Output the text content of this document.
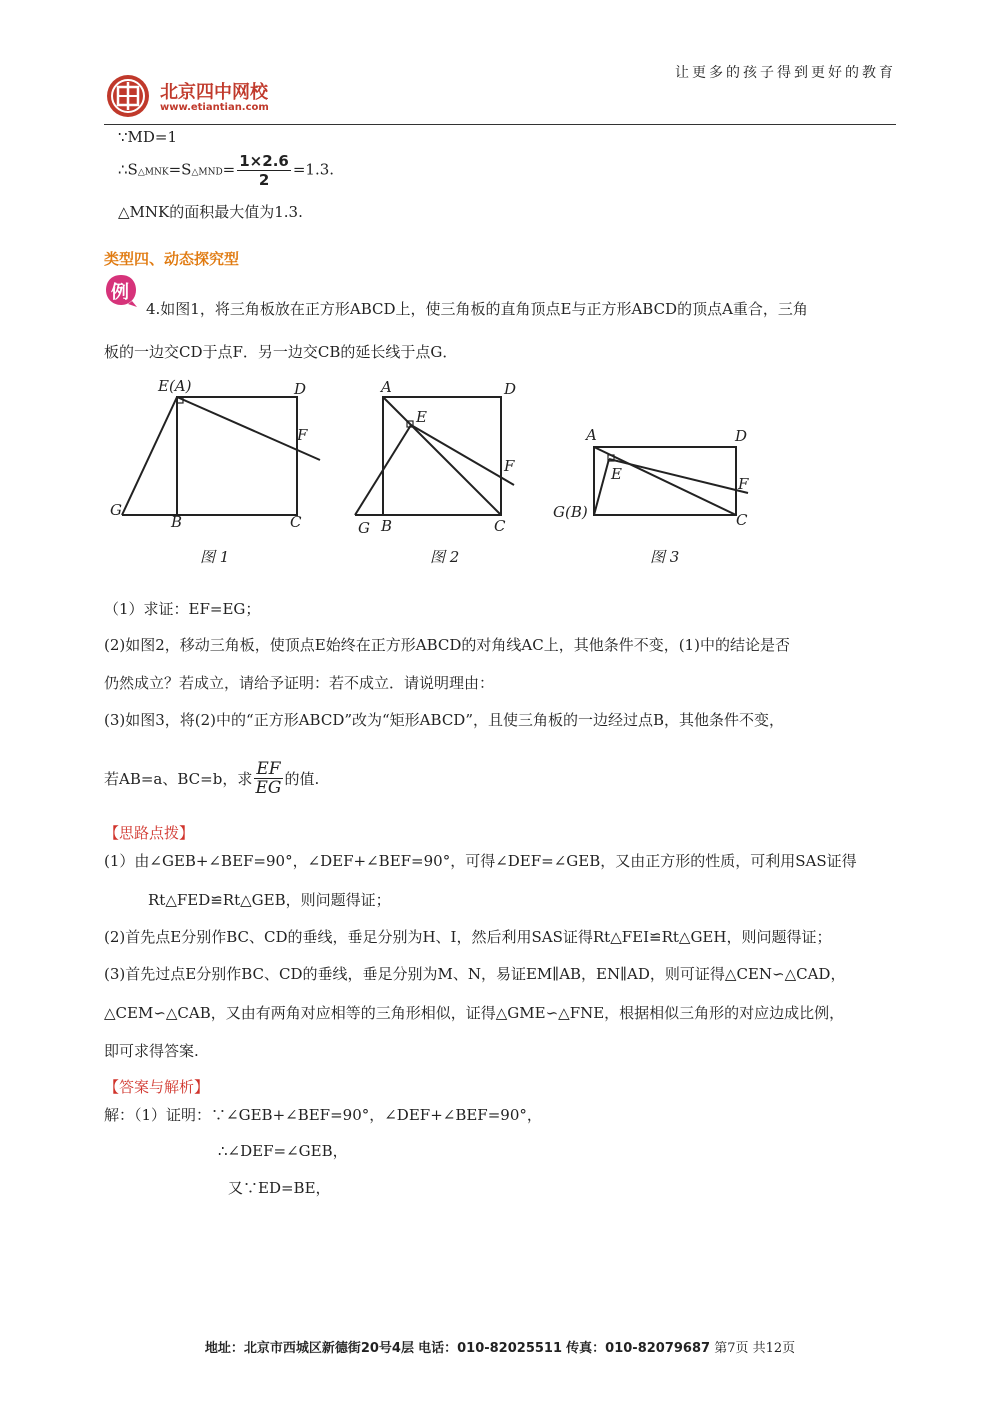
让更多的孩子得到更好的教育
北京四中网校
www.etiantian.com
∵MD=1
∴S△MNK=S△MND= $\frac{1\times 2.6}{2} =1.3$.
△MNK的面积最大值为1.3.
类型四、动态探究型
例
4.如图1，将三角板放在正方形ABCD上，使三角板的直角顶点E与正方形ABCD的顶点A重合，三角
板的一边交CD于点F．另一边交CB的延长线于点G．
E(A)	D
F
G
B	C
图 1
A	D
E
F
G B	C
图 2
A	D
E
F
G(B)	C
图 3
（1）求证：EF=EG；
(2)如图2，移动三角板，使顶点E始终在正方形ABCD的对角线AC上，其他条件不变，(1)中的结论是否
仍然成立？若成立，请给予证明：若不成立．请说明理由：
(3)如图3，将(2)中的“正方形ABCD”改为“矩形ABCD”，且使三角板的一边经过点B，其他条件不变，
若AB=a、BC=b，求 $\frac{EF}{EG}$ 的值.
【思路点拨】
(1）由∠GEB+∠BEF=90°，∠DEF+∠BEF=90°，可得∠DEF=∠GEB，又由正方形的性质，可利用SAS证得
Rt△FED≌Rt△GEB，则问题得证；
(2)首先点E分别作BC、CD的垂线，垂足分别为H、I，然后利用SAS证得Rt△FEI≌Rt△GEH，则问题得证；
(3)首先过点E分别作BC、CD的垂线，垂足分别为M、N，易证EM∥AB，EN∥AD，则可证得△CEN∽△CAD，
△CEM∽△CAB，又由有两角对应相等的三角形相似，证得△GME∽△FNE，根据相似三角形的对应边成比例，
即可求得答案.
【答案与解析】
解：（1）证明：∵∠GEB+∠BEF=90°，∠DEF+∠BEF=90°，
∴∠DEF=∠GEB，
又∵ED=BE，
地址：北京市西城区新德街20号4层 电话：010-82025511 传真：010-82079687 第7页 共12页
